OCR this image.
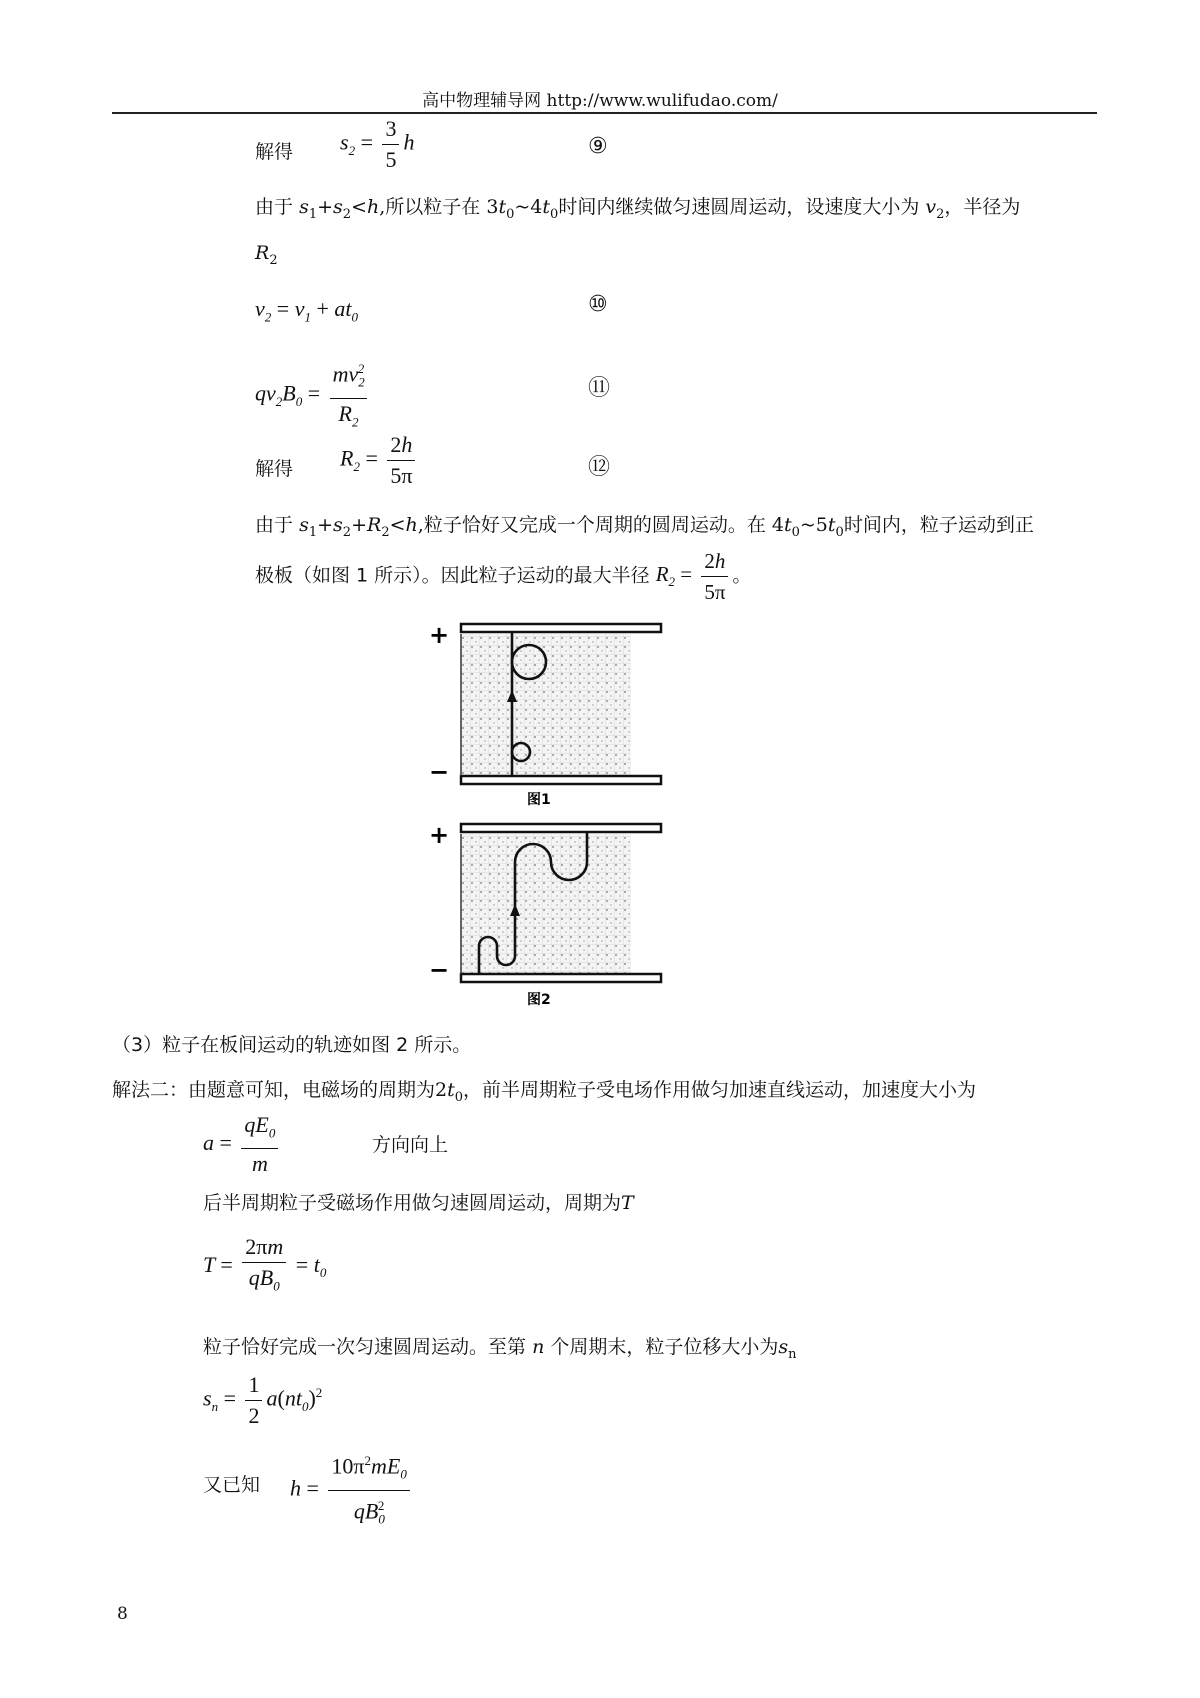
高中物理辅导网 http://www.wulifudao.com/
解得 $s_2 = \frac{3}{5}$ h	⑨
由于 $s_1+s_2<h$,所以粒子在 $3t_0\sim 4t_0$时间内继续做匀速圆周运动，设速度大小为 $v_2$，半径为
$R_2$
$v_2 = v_1 + at_0$	⑩
$qv_2B_0 = \frac{mv_2^2}{R_2}$	⑪
解得 $R_2 = \frac{2h}{5\pi}$	⑫
由于 $s_1+s_2+R_2<h$,粒子恰好又完成一个周期的圆周运动。在 $4t_0\sim 5t_0$时间内，粒子运动到正
极板（如图 1 所示）。因此粒子运动的最大半径 $R_2 = \frac{2h}{5\pi}$ 。
+
−
图1
+
−
图2
（3）粒子在板间运动的轨迹如图 2 所示。
解法二：由题意可知，电磁场的周期为$2t_0$，前半周期粒子受电场作用做匀加速直线运动，加速度大小为
$a = \frac{qE_0}{m}$	方向向上
后半周期粒子受磁场作用做匀速圆周运动，周期为T
$T = \frac{2\pi m}{qB_0} = t_0$
粒子恰好完成一次匀速圆周运动。至第 n 个周期末，粒子位移大小为$s_n$
$s_n = \frac{1}{2} a(nt_0)^2$
又已知 $h = \frac{10\pi^2mE_0}{qB_0^2}$
8
